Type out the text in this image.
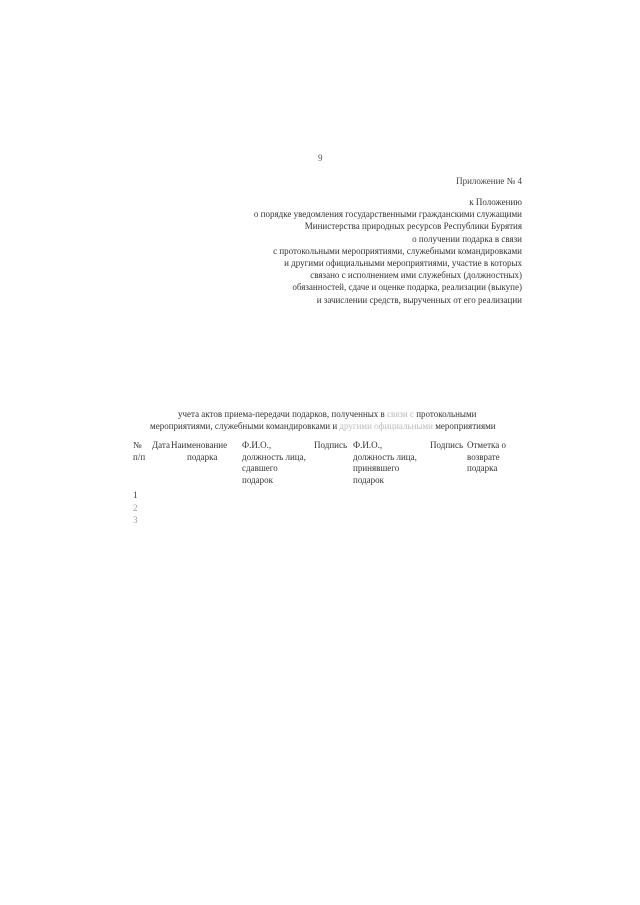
9
Приложение № 4
к Положению
о порядке уведомления государственными гражданскими служащими
Министерства природных ресурсов Республики Бурятия
о получении подарка в связи
с протокольными мероприятиями, служебными командировками
и другими официальными мероприятиями, участие в которых
связано с исполнением ими служебных (должностных)
обязанностей, сдаче и оценке подарка, реализации (выкупе)
и зачислении средств, вырученных от его реализации
учета актов приема-передачи подарков, полученных в связи с протокольными
мероприятиями, служебными командировками и другими официальными мероприятиями
№
п/п
Дата Наименование
подарка
Ф.И.О.,
должность лица,
сдавшего
подарок
Подпись Ф.И.О.,
должность лица,
принявшего
подарок
Подпись Отметка о
возврате
подарка
1
2
3
